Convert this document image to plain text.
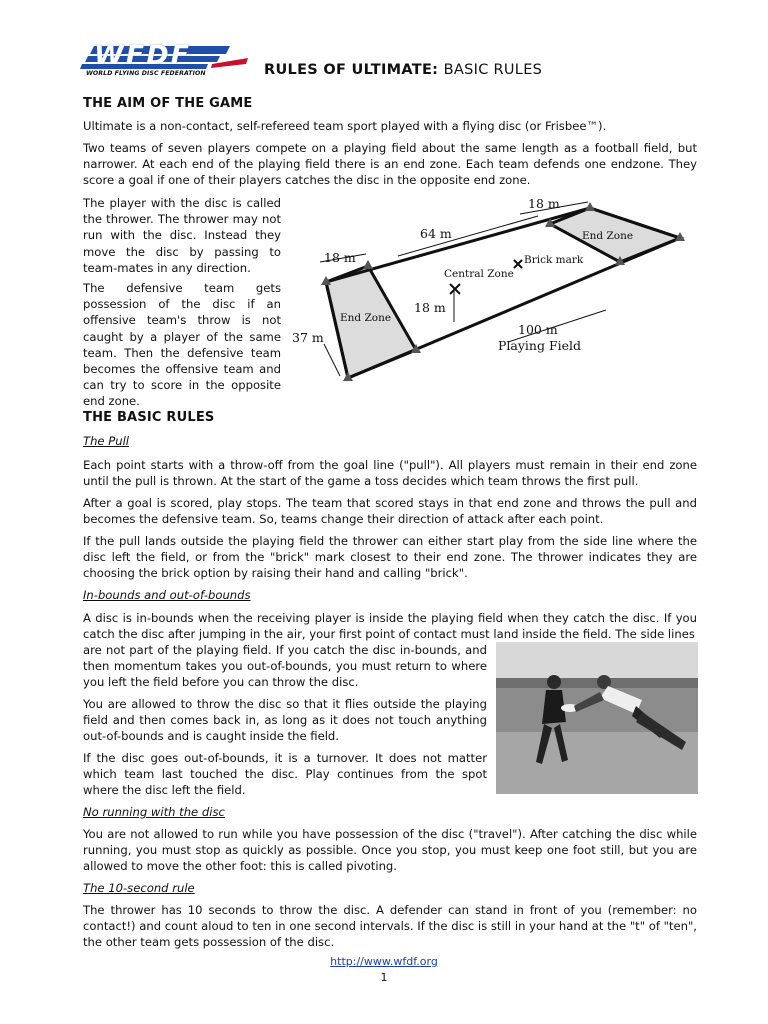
WFDF
WORLD FLYING DISC FEDERATION	RULES OF ULTIMATE: BASIC RULES
THE AIM OF THE GAME

Ultimate is a non-contact, self-refereed team sport played with a flying disc (or Frisbee™).

Two teams of seven players compete on a playing field about the same length as a football field, but narrower. At each end of the playing field there is an end zone. Each team defends one endzone. They score a goal if one of their players catches the disc in the opposite end zone.

The player with the disc is called the thrower. The thrower may not run with the disc. Instead they move the disc by passing to team-mates in any direction.

The defensive team gets possession of the disc if an offensive team's throw is not caught by a player of the same team. Then the defensive team becomes the offensive team and can try to score in the opposite end zone.

18 m
64 m
18 m
End Zone
Brick mark
Central Zone
18 m
End Zone
37 m
100 m
Playing Field
THE BASIC RULES
The Pull

Each point starts with a throw-off from the goal line ("pull"). All players must remain in their end zone until the pull is thrown. At the start of the game a toss decides which team throws the first pull.

After a goal is scored, play stops. The team that scored stays in that end zone and throws the pull and becomes the defensive team. So, teams change their direction of attack after each point.

If the pull lands outside the playing field the thrower can either start play from the side line where the disc left the field, or from the "brick" mark closest to their end zone. The thrower indicates they are choosing the brick option by raising their hand and calling "brick".

In-bounds and out-of-bounds

A disc is in-bounds when the receiving player is inside the playing field when they catch the disc. If you catch the disc after jumping in the air, your first point of contact must land inside the field. The side lines

are not part of the playing field. If you catch the disc in-bounds, and then momentum takes you out-of-bounds, you must return to where you left the field before you can throw the disc.

You are allowed to throw the disc so that it flies outside the playing field and then comes back in, as long as it does not touch anything out-of-bounds and is caught inside the field.

If the disc goes out-of-bounds, it is a turnover. It does not matter which team last touched the disc. Play continues from the spot where the disc left the field.

No running with the disc

You are not allowed to run while you have possession of the disc ("travel"). After catching the disc while running, you must stop as quickly as possible. Once you stop, you must keep one foot still, but you are allowed to move the other foot: this is called pivoting.

The 10-second rule

The thrower has 10 seconds to throw the disc. A defender can stand in front of you (remember: no contact!) and count aloud to ten in one second intervals. If the disc is still in your hand at the "t" of "ten", the other team gets possession of the disc.

http://www.wfdf.org
1
